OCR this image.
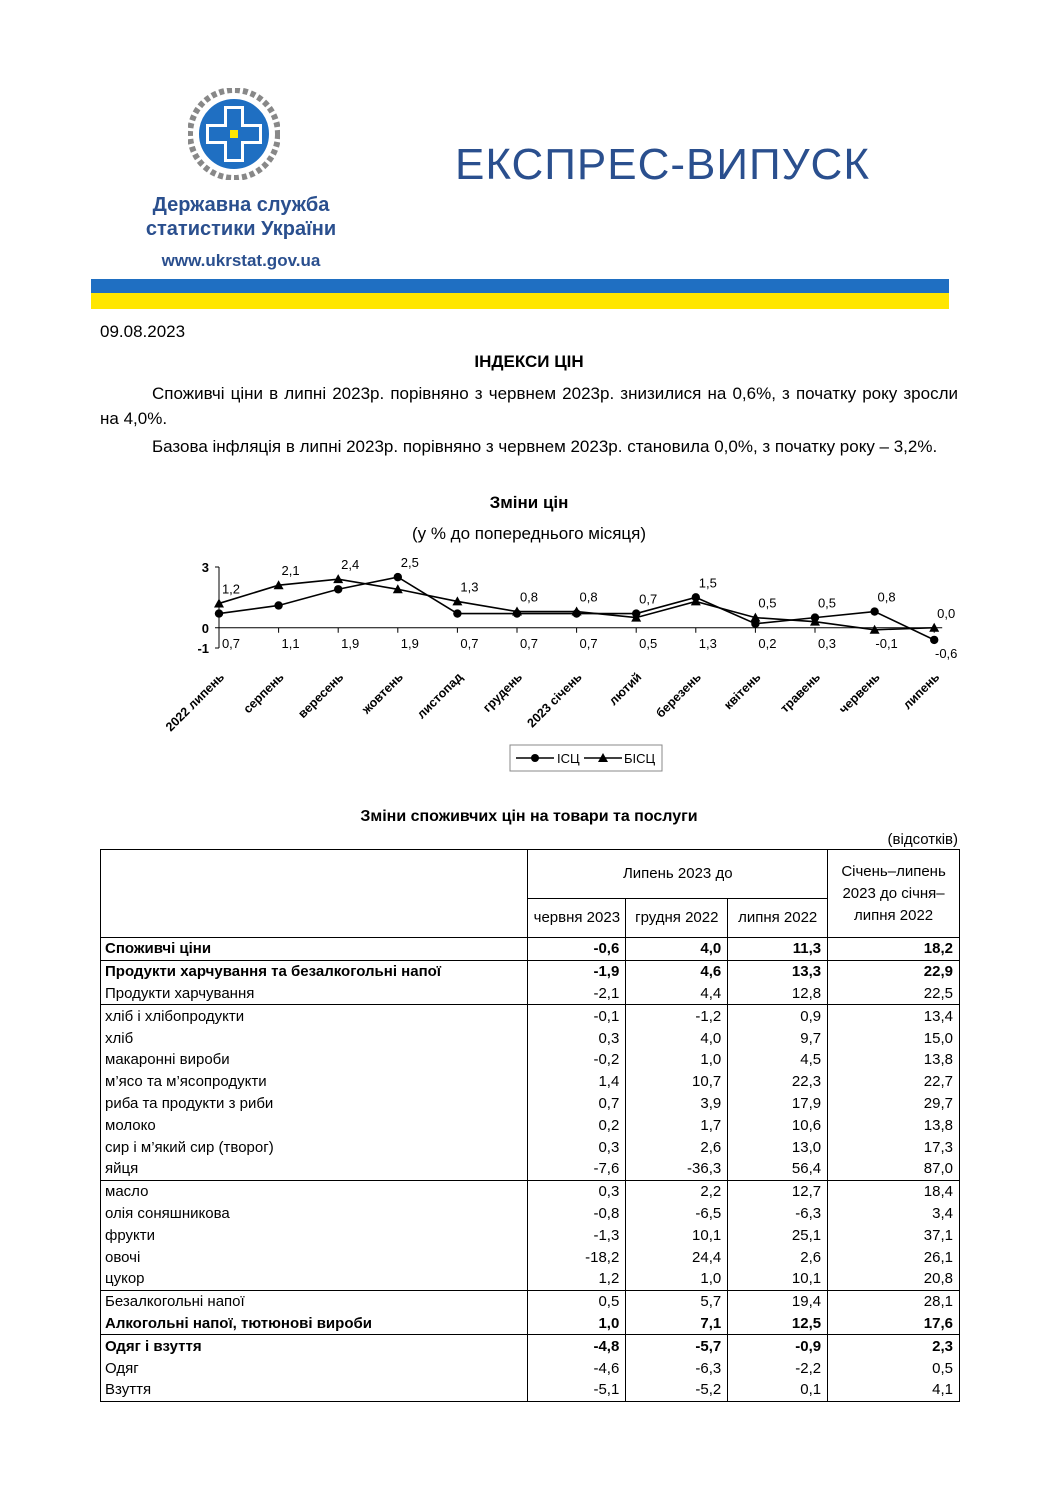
Державна служба
статистики України
www.ukrstat.gov.ua
ЕКСПРЕС-ВИПУСК
09.08.2023
ІНДЕКСИ ЦІН
Споживчі ціни в липні 2023р. порівняно з червнем 2023р. знизилися на 0,6%, з початку року зросли на 4,0%.
Базова інфляція в липні 2023р. порівняно з червнем 2023р. становила 0,0%, з початку року – 3,2%.
Зміни цін
(у % до попереднього місяця)
3
0
-1
2022 липень серпень вересень жовтень листопад грудень 2023 січень лютий березень квітень травень червень липень
1,2
0,7
2,1
1,1
2,4
1,9
2,5
1,9
1,3
0,7
0,8
0,7
0,8
0,7
0,7
0,5
1,5
1,3
0,5
0,2
0,5
0,3
0,8
-0,1
0,0
-0,6
ІСЦ	БІСЦ
Зміни споживчих цін на товари та послуги
(відсотків)
	Липень 2023 до			Січень–липень 2023 до січня–липня 2022
	червня 2023	грудня 2022	липня 2022	
Споживчі ціни	-0,6	4,0	11,3	18,2
Продукти харчування та безалкогольні напої	-1,9	4,6	13,3	22,9
Продукти харчування	-2,1	4,4	12,8	22,5
хліб і хлібопродукти	-0,1	-1,2	0,9	13,4
хліб	0,3	4,0	9,7	15,0
макаронні вироби	-0,2	1,0	4,5	13,8
м’ясо та м’ясопродукти	1,4	10,7	22,3	22,7
риба та продукти з риби	0,7	3,9	17,9	29,7
молоко	0,2	1,7	10,6	13,8
сир і м’який сир (творог)	0,3	2,6	13,0	17,3
яйця	-7,6	-36,3	56,4	87,0
масло	0,3	2,2	12,7	18,4
олія соняшникова	-0,8	-6,5	-6,3	3,4
фрукти	-1,3	10,1	25,1	37,1
овочі	-18,2	24,4	2,6	26,1
цукор	1,2	1,0	10,1	20,8
Безалкогольні напої	0,5	5,7	19,4	28,1
Алкогольні напої, тютюнові вироби	1,0	7,1	12,5	17,6
Одяг і взуття	-4,8	-5,7	-0,9	2,3
Одяг	-4,6	-6,3	-2,2	0,5
Взуття	-5,1	-5,2	0,1	4,1
